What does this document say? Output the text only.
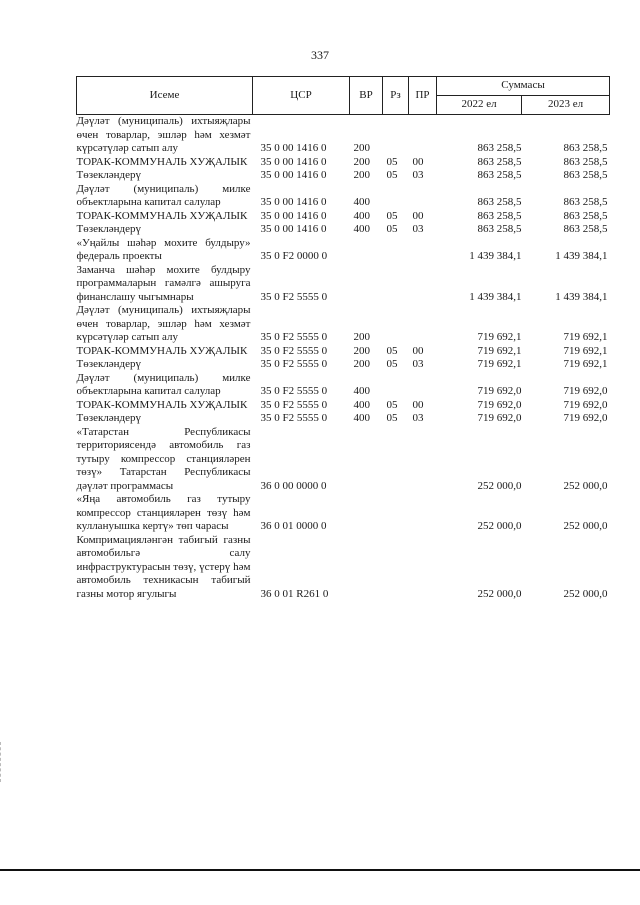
337
Исеме	ЦСР	ВР	Рз	ПР	Суммасы	
					2022 ел	2023 ел
Дәүләт (муниципаль) ихтыяҗлары өчен товарлар, эшләр һәм хезмәт күрсәтүләр сатып алу	35 0 00 1416 0	200			863 258,5	863 258,5
ТОРАК-КОММУНАЛЬ ХУҖАЛЫК	35 0 00 1416 0	200	05	00	863 258,5	863 258,5
Төзекләндерү	35 0 00 1416 0	200	05	03	863 258,5	863 258,5
Дәүләт (муниципаль) милке объектларына капитал салулар	35 0 00 1416 0	400			863 258,5	863 258,5
ТОРАК-КОММУНАЛЬ ХУҖАЛЫК	35 0 00 1416 0	400	05	00	863 258,5	863 258,5
Төзекләндерү	35 0 00 1416 0	400	05	03	863 258,5	863 258,5
«Уңайлы шәһәр мохите булдыру» федераль проекты	35 0 F2 0000 0				1 439 384,1	1 439 384,1
Заманча шәһәр мохите булдыру программаларын гамәлгә ашыруга финанслашу чыгымнары	35 0 F2 5555 0				1 439 384,1	1 439 384,1
Дәүләт (муниципаль) ихтыяҗлары өчен товарлар, эшләр һәм хезмәт күрсәтүләр сатып алу	35 0 F2 5555 0	200			719 692,1	719 692,1
ТОРАК-КОММУНАЛЬ ХУҖАЛЫК	35 0 F2 5555 0	200	05	00	719 692,1	719 692,1
Төзекләндерү	35 0 F2 5555 0	200	05	03	719 692,1	719 692,1
Дәүләт (муниципаль) милке объектларына капитал салулар	35 0 F2 5555 0	400			719 692,0	719 692,0
ТОРАК-КОММУНАЛЬ ХУҖАЛЫК	35 0 F2 5555 0	400	05	00	719 692,0	719 692,0
Төзекләндерү	35 0 F2 5555 0	400	05	03	719 692,0	719 692,0
«Татарстан Республикасы территориясендә автомобиль газ тутыру компрессор станцияләрен төзү» Татарстан Республикасы дәүләт программасы	36 0 00 0000 0				252 000,0	252 000,0
«Яңа автомобиль газ тутыру компрессор станцияләрен төзү һәм куллануышка кертү» төп чарасы	36 0 01 0000 0				252 000,0	252 000,0
Компримацияләнгән табигый газны автомобильгә салу инфраструктурасын төзү, үстерү һәм автомобиль техникасын табигый газны мотор ягулыгы	36 0 01 R261 0				252 000,0	252 000,0
